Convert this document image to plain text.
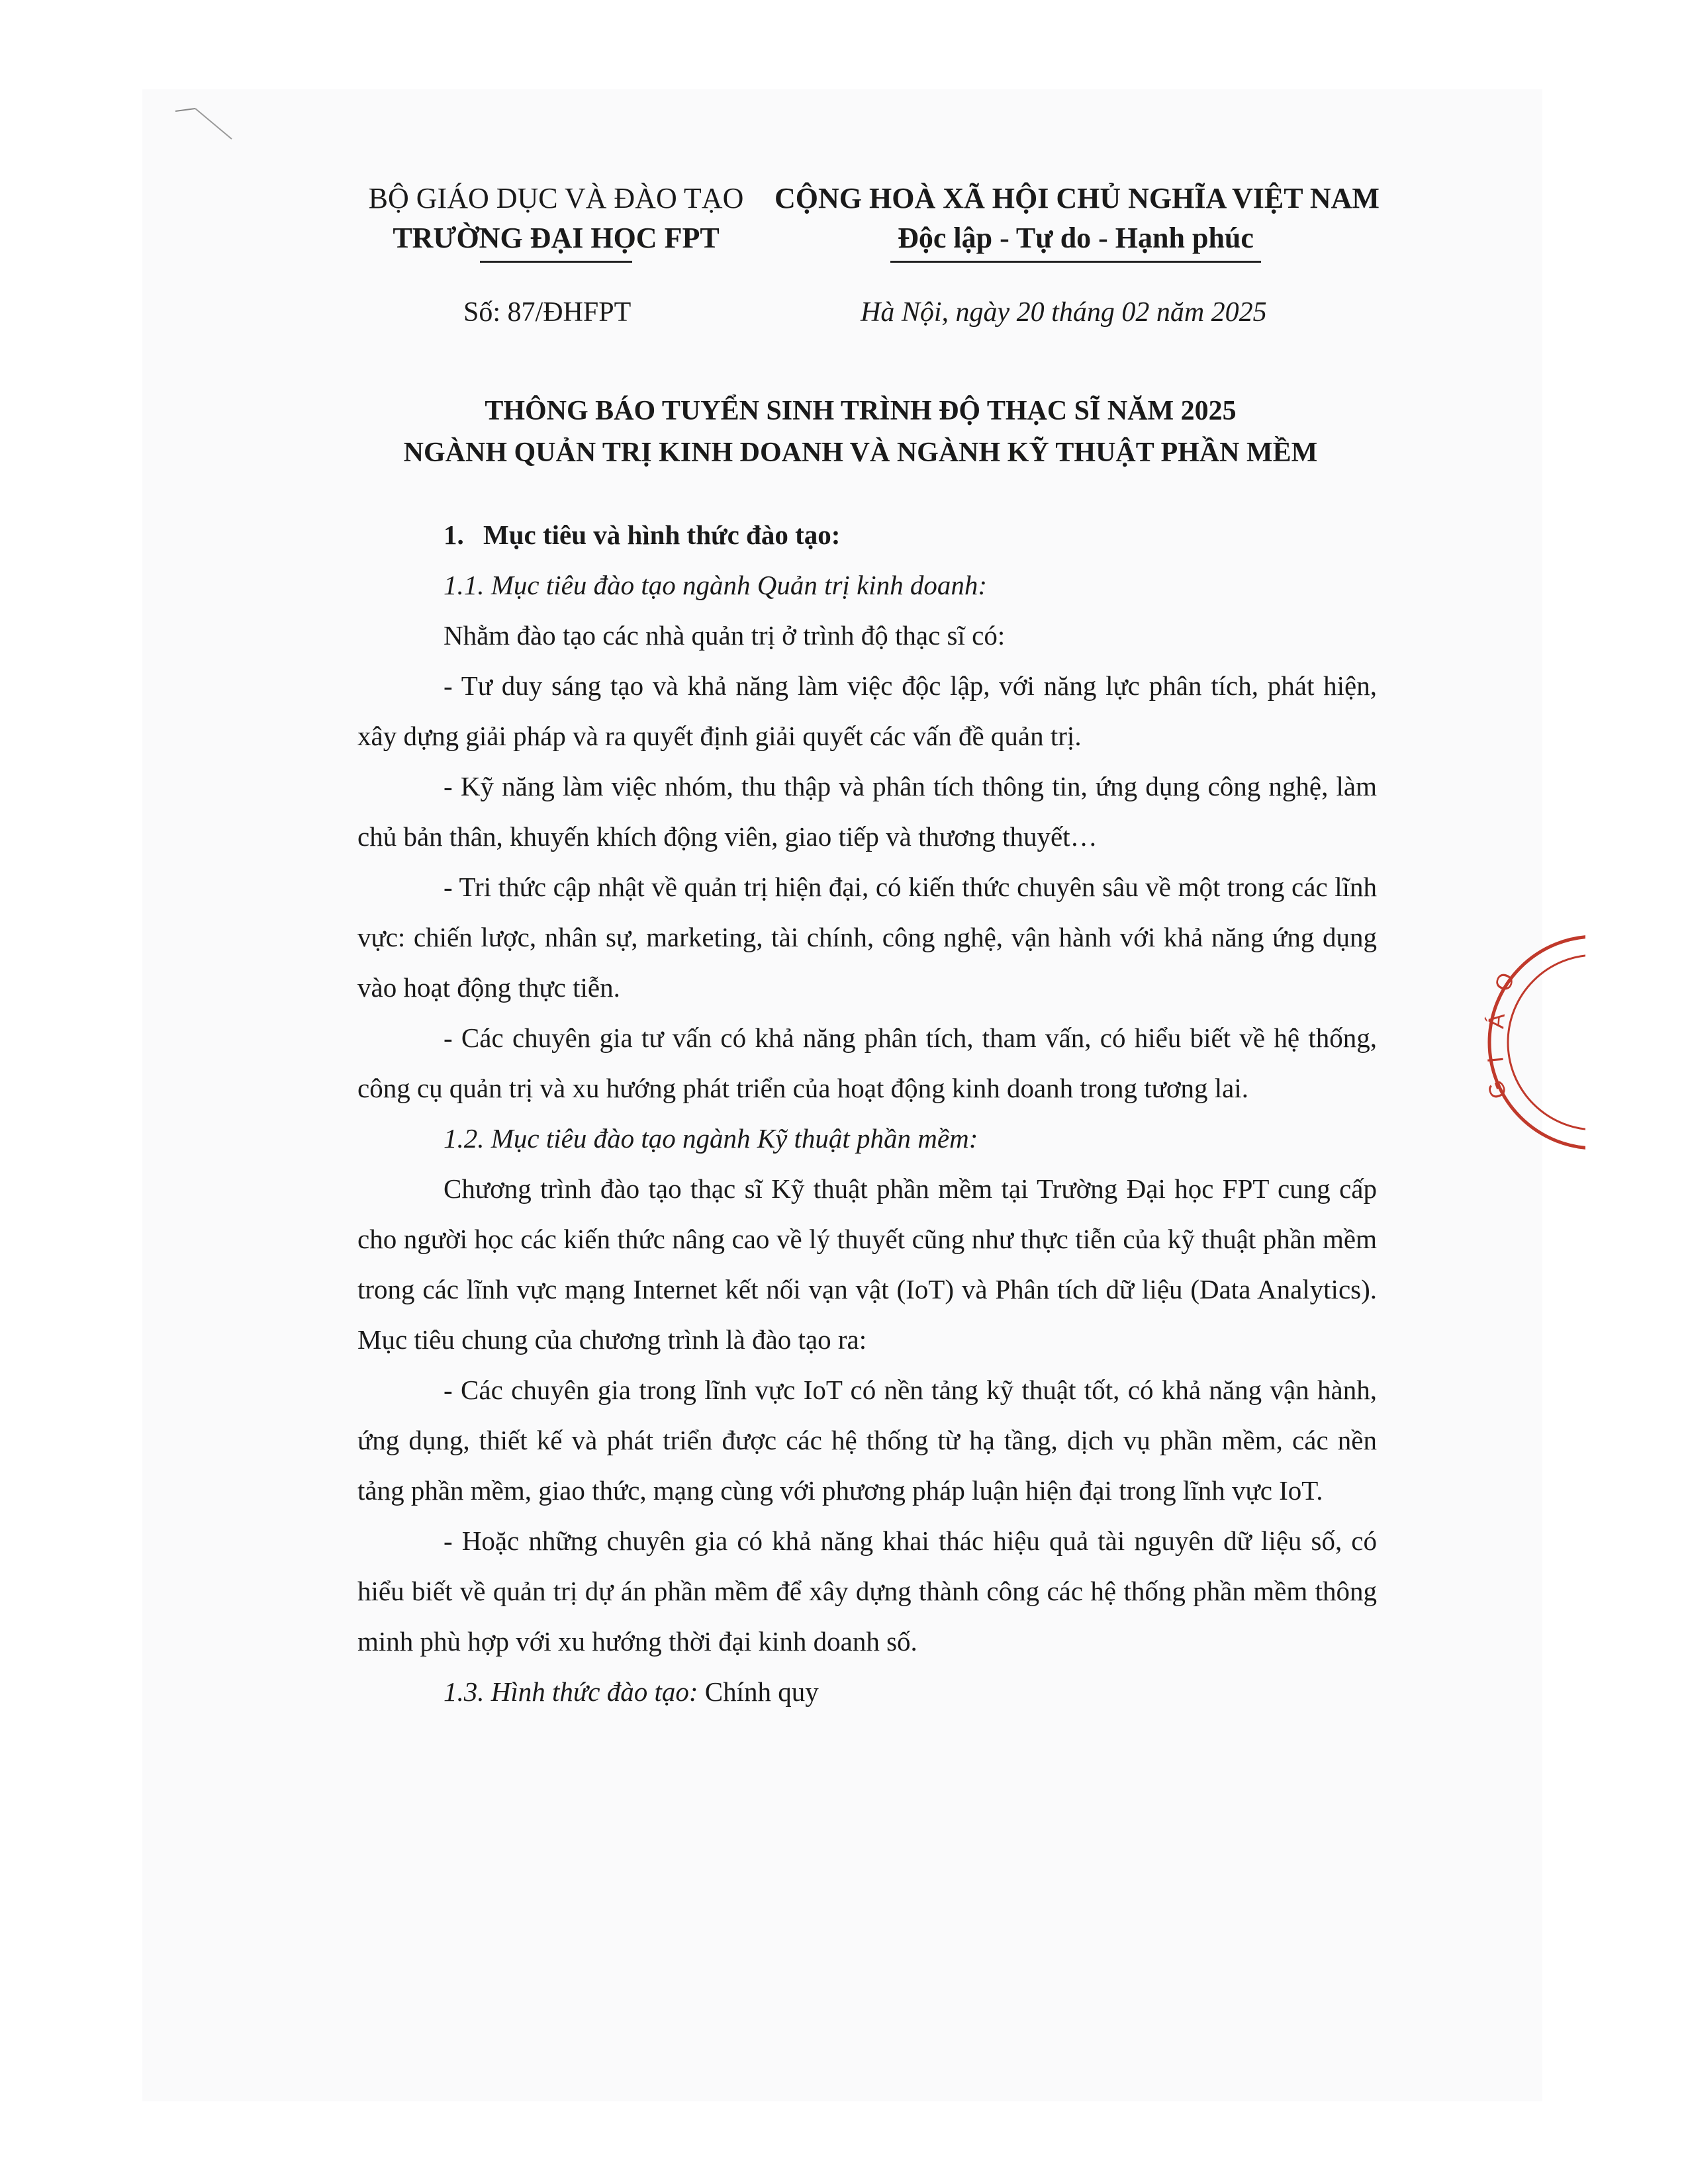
BỘ GIÁO DỤC VÀ ĐÀO TẠO
TRƯỜNG ĐẠI HỌC FPT
CỘNG HOÀ XÃ HỘI CHỦ NGHĨA VIỆT NAM
Độc lập - Tự do - Hạnh phúc
Số: 87/ĐHFPT	Hà Nội, ngày 20 tháng 02 năm 2025
THÔNG BÁO TUYỂN SINH TRÌNH ĐỘ THẠC SĨ NĂM 2025
NGÀNH QUẢN TRỊ KINH DOANH VÀ NGÀNH KỸ THUẬT PHẦN MỀM

1. Mục tiêu và hình thức đào tạo:

1.1. Mục tiêu đào tạo ngành Quản trị kinh doanh:

Nhằm đào tạo các nhà quản trị ở trình độ thạc sĩ có:

- Tư duy sáng tạo và khả năng làm việc độc lập, với năng lực phân tích, phát hiện, xây dựng giải pháp và ra quyết định giải quyết các vấn đề quản trị.

- Kỹ năng làm việc nhóm, thu thập và phân tích thông tin, ứng dụng công nghệ, làm chủ bản thân, khuyến khích động viên, giao tiếp và thương thuyết…

- Tri thức cập nhật về quản trị hiện đại, có kiến thức chuyên sâu về một trong các lĩnh vực: chiến lược, nhân sự, marketing, tài chính, công nghệ, vận hành với khả năng ứng dụng vào hoạt động thực tiễn.

- Các chuyên gia tư vấn có khả năng phân tích, tham vấn, có hiểu biết về hệ thống, công cụ quản trị và xu hướng phát triển của hoạt động kinh doanh trong tương lai.

1.2. Mục tiêu đào tạo ngành Kỹ thuật phần mềm:

Chương trình đào tạo thạc sĩ Kỹ thuật phần mềm tại Trường Đại học FPT cung cấp cho người học các kiến thức nâng cao về lý thuyết cũng như thực tiễn của kỹ thuật phần mềm trong các lĩnh vực mạng Internet kết nối vạn vật (IoT) và Phân tích dữ liệu (Data Analytics). Mục tiêu chung của chương trình là đào tạo ra:

- Các chuyên gia trong lĩnh vực IoT có nền tảng kỹ thuật tốt, có khả năng vận hành, ứng dụng, thiết kế và phát triển được các hệ thống từ hạ tầng, dịch vụ phần mềm, các nền tảng phần mềm, giao thức, mạng cùng với phương pháp luận hiện đại trong lĩnh vực IoT.

- Hoặc những chuyên gia có khả năng khai thác hiệu quả tài nguyên dữ liệu số, có hiểu biết về quản trị dự án phần mềm để xây dựng thành công các hệ thống phần mềm thông minh phù hợp với xu hướng thời đại kinh doanh số.

1.3. Hình thức đào tạo: Chính quy

O
Á
I
G
